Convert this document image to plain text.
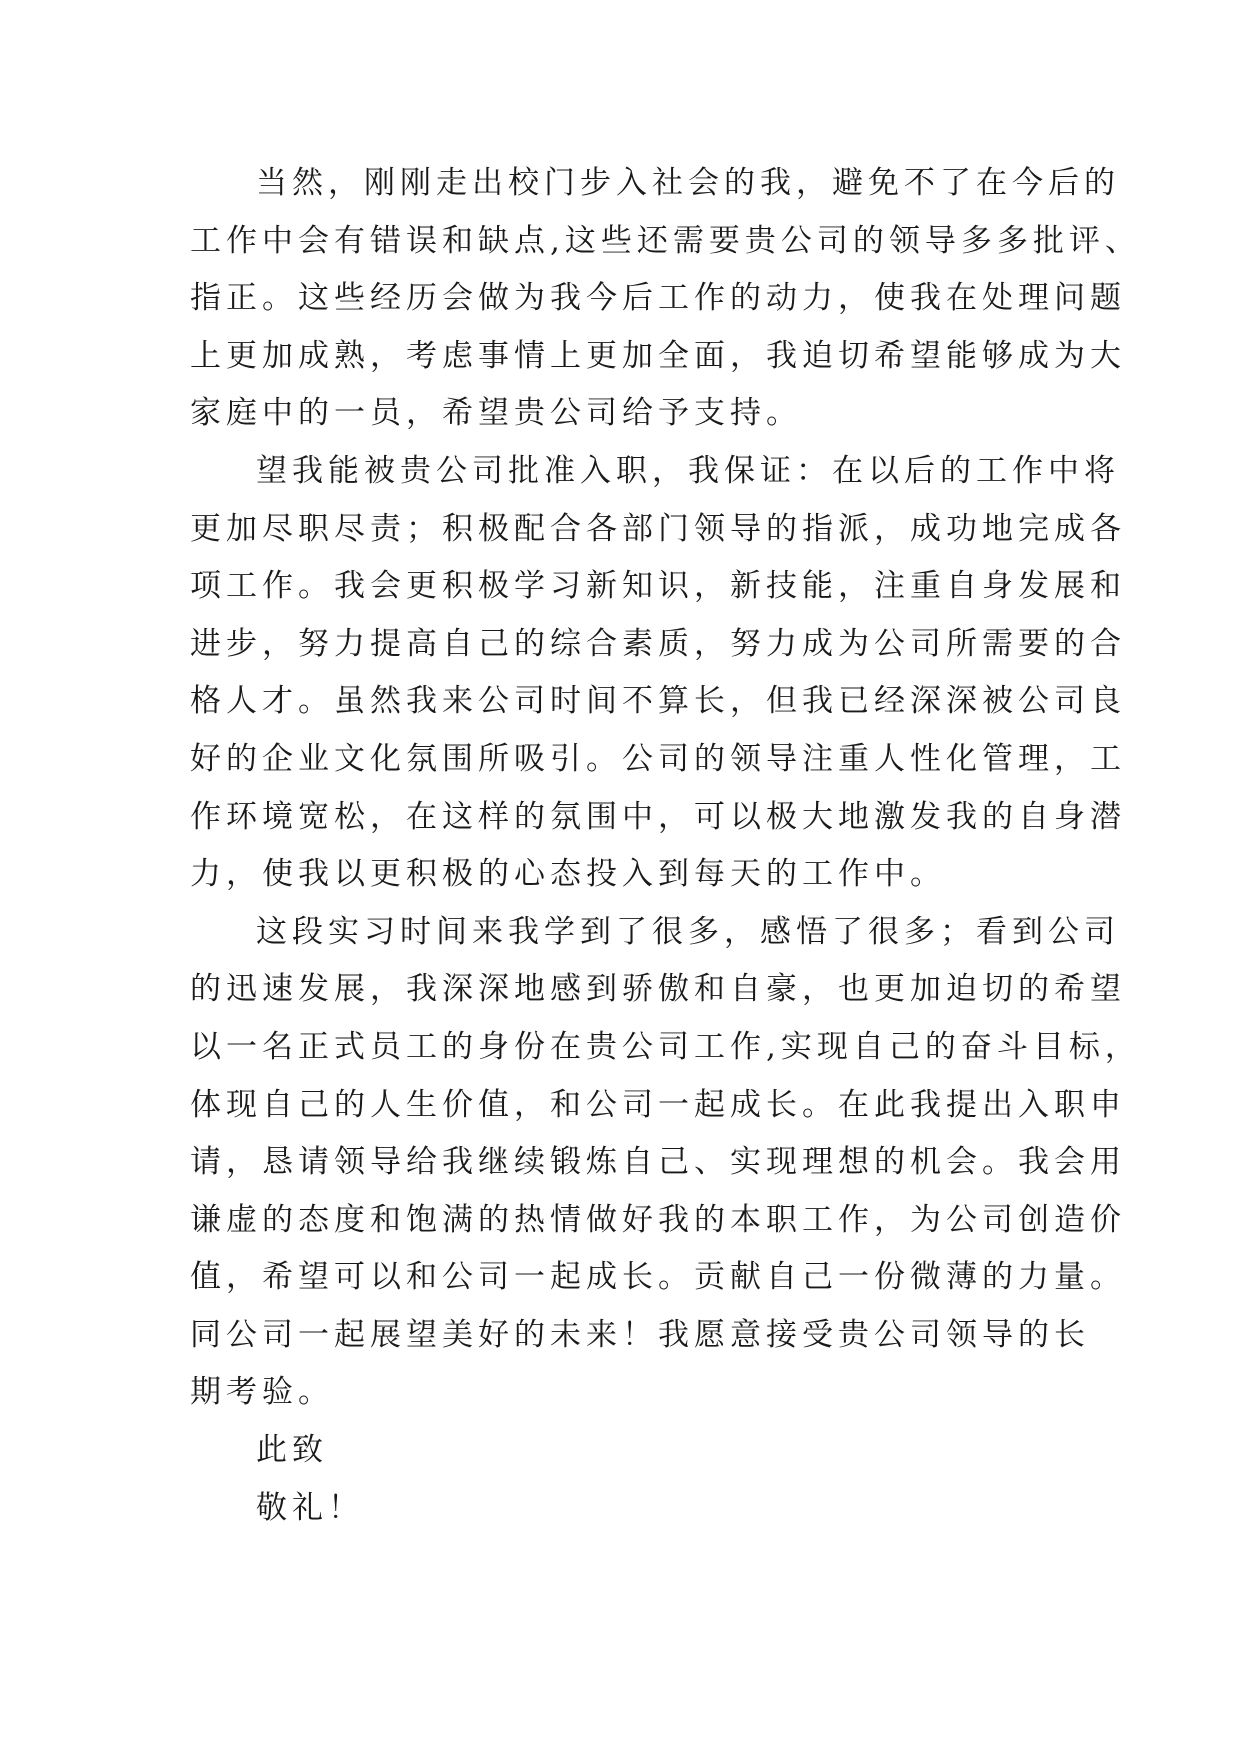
当然，刚刚走出校门步入社会的我，避免不了在今后的
工作中会有错误和缺点,这些还需要贵公司的领导多多批评、
指正。这些经历会做为我今后工作的动力，使我在处理问题
上更加成熟，考虑事情上更加全面，我迫切希望能够成为大
家庭中的一员，希望贵公司给予支持。
望我能被贵公司批准入职，我保证：在以后的工作中将
更加尽职尽责；积极配合各部门领导的指派，成功地完成各
项工作。我会更积极学习新知识，新技能，注重自身发展和
进步，努力提高自己的综合素质，努力成为公司所需要的合
格人才。虽然我来公司时间不算长，但我已经深深被公司良
好的企业文化氛围所吸引。公司的领导注重人性化管理，工
作环境宽松，在这样的氛围中，可以极大地激发我的自身潜
力，使我以更积极的心态投入到每天的工作中。
这段实习时间来我学到了很多，感悟了很多；看到公司
的迅速发展，我深深地感到骄傲和自豪，也更加迫切的希望
以一名正式员工的身份在贵公司工作,实现自己的奋斗目标，
体现自己的人生价值，和公司一起成长。在此我提出入职申
请，恳请领导给我继续锻炼自己、实现理想的机会。我会用
谦虚的态度和饱满的热情做好我的本职工作，为公司创造价
值，希望可以和公司一起成长。贡献自己一份微薄的力量。
同公司一起展望美好的未来！我愿意接受贵公司领导的长
期考验。
此致
敬礼！
